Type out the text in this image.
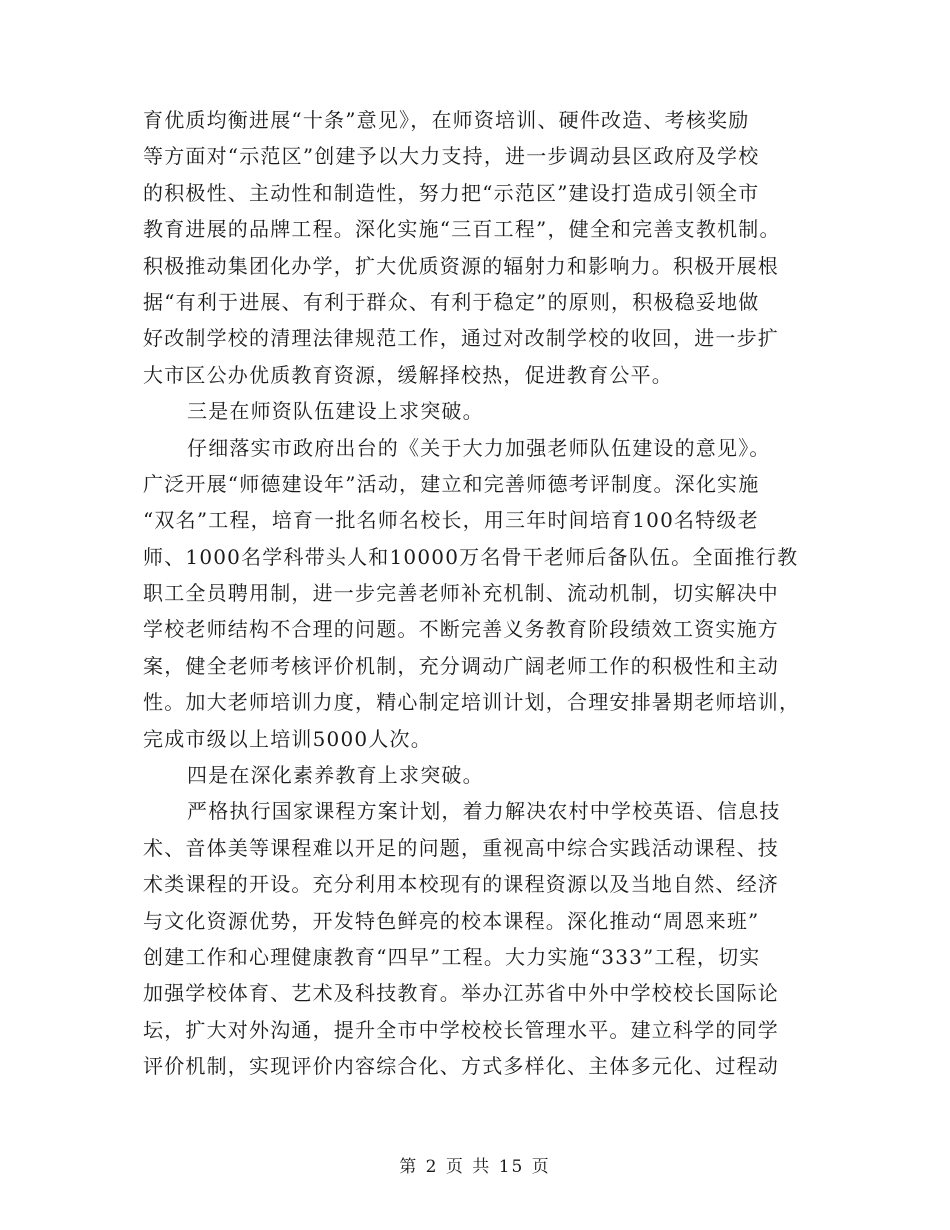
育优质均衡进展“十条”意见》，在师资培训、硬件改造、考核奖励
等方面对“示范区”创建予以大力支持，进一步调动县区政府及学校
的积极性、主动性和制造性，努力把“示范区”建设打造成引领全市
教育进展的品牌工程。深化实施“三百工程”，健全和完善支教机制。
积极推动集团化办学，扩大优质资源的辐射力和影响力。积极开展根
据“有利于进展、有利于群众、有利于稳定”的原则，积极稳妥地做
好改制学校的清理法律规范工作，通过对改制学校的收回，进一步扩
大市区公办优质教育资源，缓解择校热，促进教育公平。
三是在师资队伍建设上求突破。
仔细落实市政府出台的《关于大力加强老师队伍建设的意见》。
广泛开展“师德建设年”活动，建立和完善师德考评制度。深化实施
“双名”工程，培育一批名师名校长，用三年时间培育100名特级老
师、1000名学科带头人和10000万名骨干老师后备队伍。全面推行教
职工全员聘用制，进一步完善老师补充机制、流动机制，切实解决中
学校老师结构不合理的问题。不断完善义务教育阶段绩效工资实施方
案，健全老师考核评价机制，充分调动广阔老师工作的积极性和主动
性。加大老师培训力度，精心制定培训计划，合理安排暑期老师培训，
完成市级以上培训5000人次。
四是在深化素养教育上求突破。
严格执行国家课程方案计划，着力解决农村中学校英语、信息技
术、音体美等课程难以开足的问题，重视高中综合实践活动课程、技
术类课程的开设。充分利用本校现有的课程资源以及当地自然、经济
与文化资源优势，开发特色鲜亮的校本课程。深化推动“周恩来班”
创建工作和心理健康教育“四早”工程。大力实施“333”工程，切实
加强学校体育、艺术及科技教育。举办江苏省中外中学校校长国际论
坛，扩大对外沟通，提升全市中学校校长管理水平。建立科学的同学
评价机制，实现评价内容综合化、方式多样化、主体多元化、过程动
第 2 页 共 15 页
